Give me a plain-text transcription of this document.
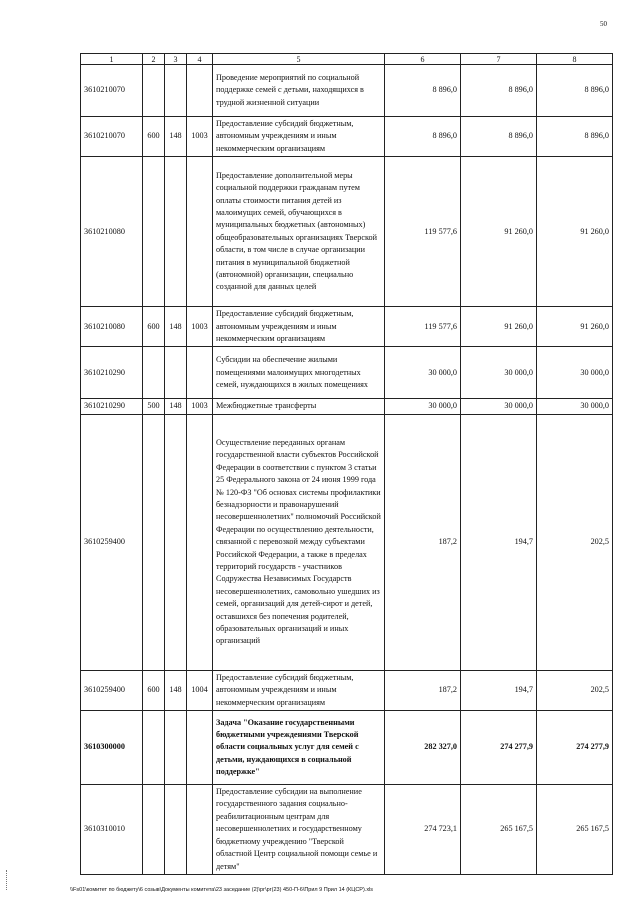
50
1	2	3	4	5	6	7	8
3610210070				Проведение мероприятий по социальной поддержке семей с детьми, находящихся в трудной жизненной ситуации	8 896,0	8 896,0	8 896,0
3610210070	600	148	1003	Предоставление субсидий бюджетным, автономным учреждениям и иным некоммерческим организациям	8 896,0	8 896,0	8 896,0
3610210080				Предоставление дополнительной меры социальной поддержки гражданам путем оплаты стоимости питания детей из малоимущих семей, обучающихся в муниципальных бюджетных (автономных) общеобразовательных организациях Тверской области, в том числе в случае организации питания в муниципальной бюджетной (автономной) организации, специально созданной для данных целей	119 577,6	91 260,0	91 260,0
3610210080	600	148	1003	Предоставление субсидий бюджетным, автономным учреждениям и иным некоммерческим организациям	119 577,6	91 260,0	91 260,0
3610210290				Субсидии на обеспечение жилыми помещениями малоимущих многодетных семей, нуждающихся в жилых помещениях	30 000,0	30 000,0	30 000,0
3610210290	500	148	1003	Межбюджетные трансферты	30 000,0	30 000,0	30 000,0
3610259400				Осуществление переданных органам государственной власти субъектов Российской Федерации в соответствии с пунктом 3 статьи 25 Федерального закона от 24 июня 1999 года № 120-ФЗ "Об основах системы профилактики безнадзорности и правонарушений несовершеннолетних" полномочий Российской Федерации по осуществлению деятельности, связанной с перевозкой между субъектами Российской Федерации, а также в пределах территорий государств - участников Содружества Независимых Государств несовершеннолетних, самовольно ушедших из семей, организаций для детей-сирот и детей, оставшихся без попечения родителей, образовательных организаций и иных организаций	187,2	194,7	202,5
3610259400	600	148	1004	Предоставление субсидий бюджетным, автономным учреждениям и иным некоммерческим организациям	187,2	194,7	202,5
3610300000				Задача "Оказание государственными бюджетными учреждениями Тверской области социальных услуг для семей с детьми, нуждающихся в социальной поддержке"	282 327,0	274 277,9	274 277,9
3610310010				Предоставление субсидии на выполнение государственного задания социально-реабилитационным центрам для несовершеннолетних и государственному бюджетному учреждению "Тверской областной Центр социальной помощи семье и детям"	274 723,1	265 167,5	265 167,5
\\Fs01\комитет по бюджету\6 созыв\Документы комитета\23 заседание (2)\рг\рг(23) 450-П-6\Прил 9 Прил 14 (КЦСР).xls
